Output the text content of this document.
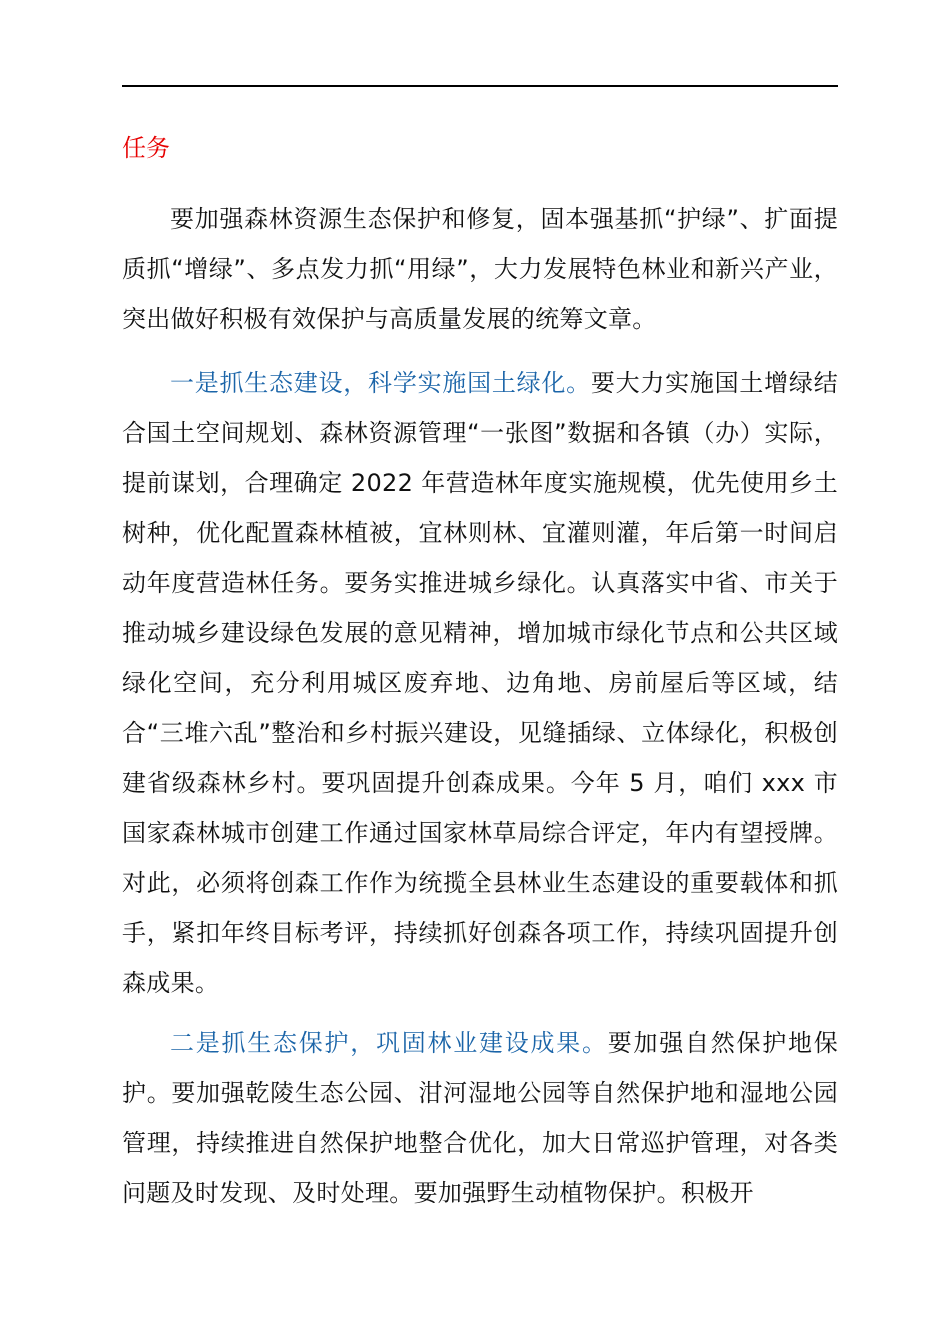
任务

要加强森林资源生态保护和修复，固本强基抓“护绿”、扩面提质抓“增绿”、多点发力抓“用绿”，大力发展特色林业和新兴产业，突出做好积极有效保护与高质量发展的统筹文章。

一是抓生态建设，科学实施国土绿化。要大力实施国土增绿结合国土空间规划、森林资源管理“一张图”数据和各镇（办）实际，提前谋划，合理确定 2022 年营造林年度实施规模，优先使用乡土树种，优化配置森林植被，宜林则林、宜灌则灌，年后第一时间启动年度营造林任务。要务实推进城乡绿化。认真落实中省、市关于推动城乡建设绿色发展的意见精神，增加城市绿化节点和公共区域绿化空间，充分利用城区废弃地、边角地、房前屋后等区域，结合“三堆六乱”整治和乡村振兴建设，见缝插绿、立体绿化，积极创建省级森林乡村。要巩固提升创森成果。今年 5 月，咱们 xxx 市国家森林城市创建工作通过国家林草局综合评定，年内有望授牌。对此，必须将创森工作作为统揽全县林业生态建设的重要载体和抓手，紧扣年终目标考评，持续抓好创森各项工作，持续巩固提升创森成果。

二是抓生态保护，巩固林业建设成果。要加强自然保护地保护。要加强乾陵生态公园、泔河湿地公园等自然保护地和湿地公园管理，持续推进自然保护地整合优化，加大日常巡护管理，对各类问题及时发现、及时处理。要加强野生动植物保护。积极开
